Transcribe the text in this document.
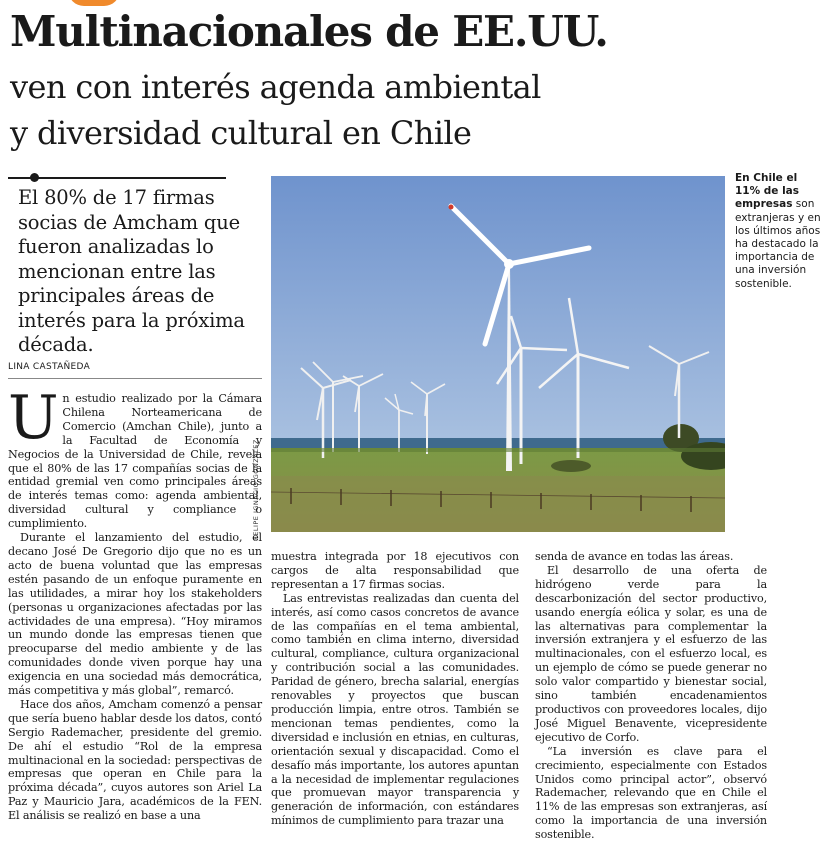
Multinacionales de EE.UU.
ven con interés agenda ambiental
y diversidad cultural en Chile

El 80% de 17 firmas socias de Amcham que fueron analizadas lo mencionan entre las principales áreas de interés para la próxima década.

LINA CASTAÑEDA

FELIPE IGNACIO GONZÁLEZ

En Chile el 11% de las empresas son extranjeras y en los últimos años ha destacado la importancia de una inversión sostenible.

Un estudio realizado por la Cámara Chilena Norteamericana de Comercio (Amchan Chile), junto a la Facultad de Economía y Negocios de la Universidad de Chile, revela que el 80% de las 17 compañías socias de la entidad gremial ven como principales áreas de interés temas como: agenda ambiental, diversidad cultural y compliance o cumplimiento.

Durante el lanzamiento del estudio, el decano José De Gregorio dijo que no es un acto de buena voluntad que las empresas estén pasando de un enfoque puramente en las utilidades, a mirar hoy los stakeholders (personas u organizaciones afectadas por las actividades de una empresa). “Hoy miramos un mundo donde las empresas tienen que preocuparse del medio ambiente y de las comunidades donde viven porque hay una exigencia en una sociedad más democrática, más competitiva y más global”, remarcó.

Hace dos años, Amcham comenzó a pensar que sería bueno hablar desde los datos, contó Sergio Rademacher, presidente del gremio. De ahí el estudio “Rol de la empresa multinacional en la sociedad: perspectivas de empresas que operan en Chile para la próxima década”, cuyos autores son Ariel La Paz y Mauricio Jara, académicos de la FEN. El análisis se realizó en base a una

muestra integrada por 18 ejecutivos con cargos de alta responsabilidad que representan a 17 firmas socias.

Las entrevistas realizadas dan cuenta del interés, así como casos concretos de avance de las compañías en el tema ambiental, como también en clima interno, diversidad cultural, compliance, cultura organizacional y contribución social a las comunidades. Paridad de género, brecha salarial, energías renovables y proyectos que buscan producción limpia, entre otros. También se mencionan temas pendientes, como la diversidad e inclusión en etnias, en culturas, orientación sexual y discapacidad. Como el desafío más importante, los autores apuntan a la necesidad de implementar regulaciones que promuevan mayor transparencia y generación de información, con estándares mínimos de cumplimiento para trazar una

senda de avance en todas las áreas.

El desarrollo de una oferta de hidrógeno verde para la descarbonización del sector productivo, usando energía eólica y solar, es una de las alternativas para complementar la inversión extranjera y el esfuerzo de las multinacionales, con el esfuerzo local, es un ejemplo de cómo se puede generar no solo valor compartido y bienestar social, sino también encadenamientos productivos con proveedores locales, dijo José Miguel Benavente, vicepresidente ejecutivo de Corfo.

“La inversión es clave para el crecimiento, especialmente con Estados Unidos como principal actor”, observó Rademacher, relevando que en Chile el 11% de las empresas son extranjeras, así como la importancia de una inversión sostenible.
